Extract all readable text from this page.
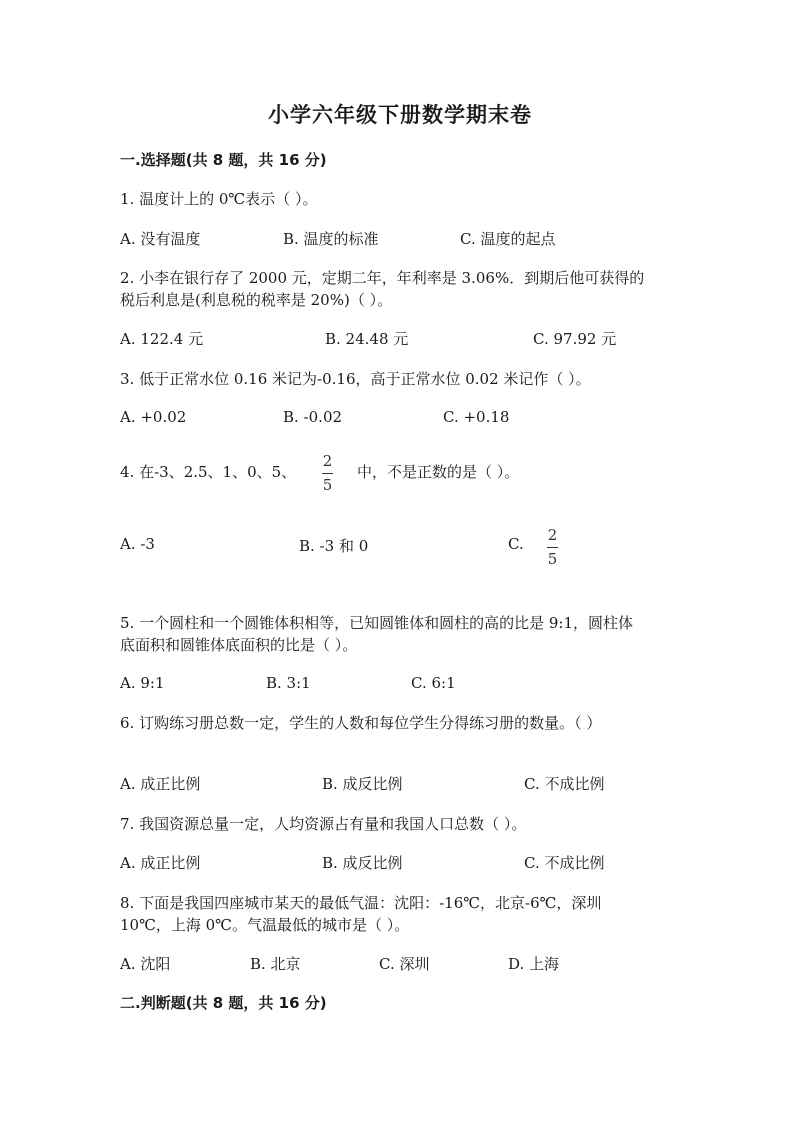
小学六年级下册数学期末卷
一.选择题(共 8 题，共 16 分)
1. 温度计上的 0℃表示（ ）。
A. 没有温度	B. 温度的标准	C. 温度的起点
2. 小李在银行存了 2000 元，定期二年，年利率是 3.06%．到期后他可获得的
税后利息是(利息税的税率是 20%)（ ）。
A. 122.4 元	B. 24.48 元	C. 97.92 元
3. 低于正常水位 0.16 米记为-0.16，高于正常水位 0.02 米记作（ ）。
A. +0.02	B. -0.02	C. +0.18
4. 在-3、2.5、1、0、5、
2
5
中，不是正数的是（ ）。
A. -3	B. -3 和 0	C. 2
5
5. 一个圆柱和一个圆锥体积相等，已知圆锥体和圆柱的高的比是 9:1，圆柱体
底面积和圆锥体底面积的比是（ ）。
A. 9:1	B. 3:1	C. 6:1
6. 订购练习册总数一定，学生的人数和每位学生分得练习册的数量。（ ）
A. 成正比例	B. 成反比例	C. 不成比例
7. 我国资源总量一定，人均资源占有量和我国人口总数（ ）。
A. 成正比例	B. 成反比例	C. 不成比例
8. 下面是我国四座城市某天的最低气温：沈阳：-16℃，北京-6℃，深圳
10℃，上海 0℃。气温最低的城市是（ ）。
A. 沈阳	B. 北京	C. 深圳	D. 上海
二.判断题(共 8 题，共 16 分)
